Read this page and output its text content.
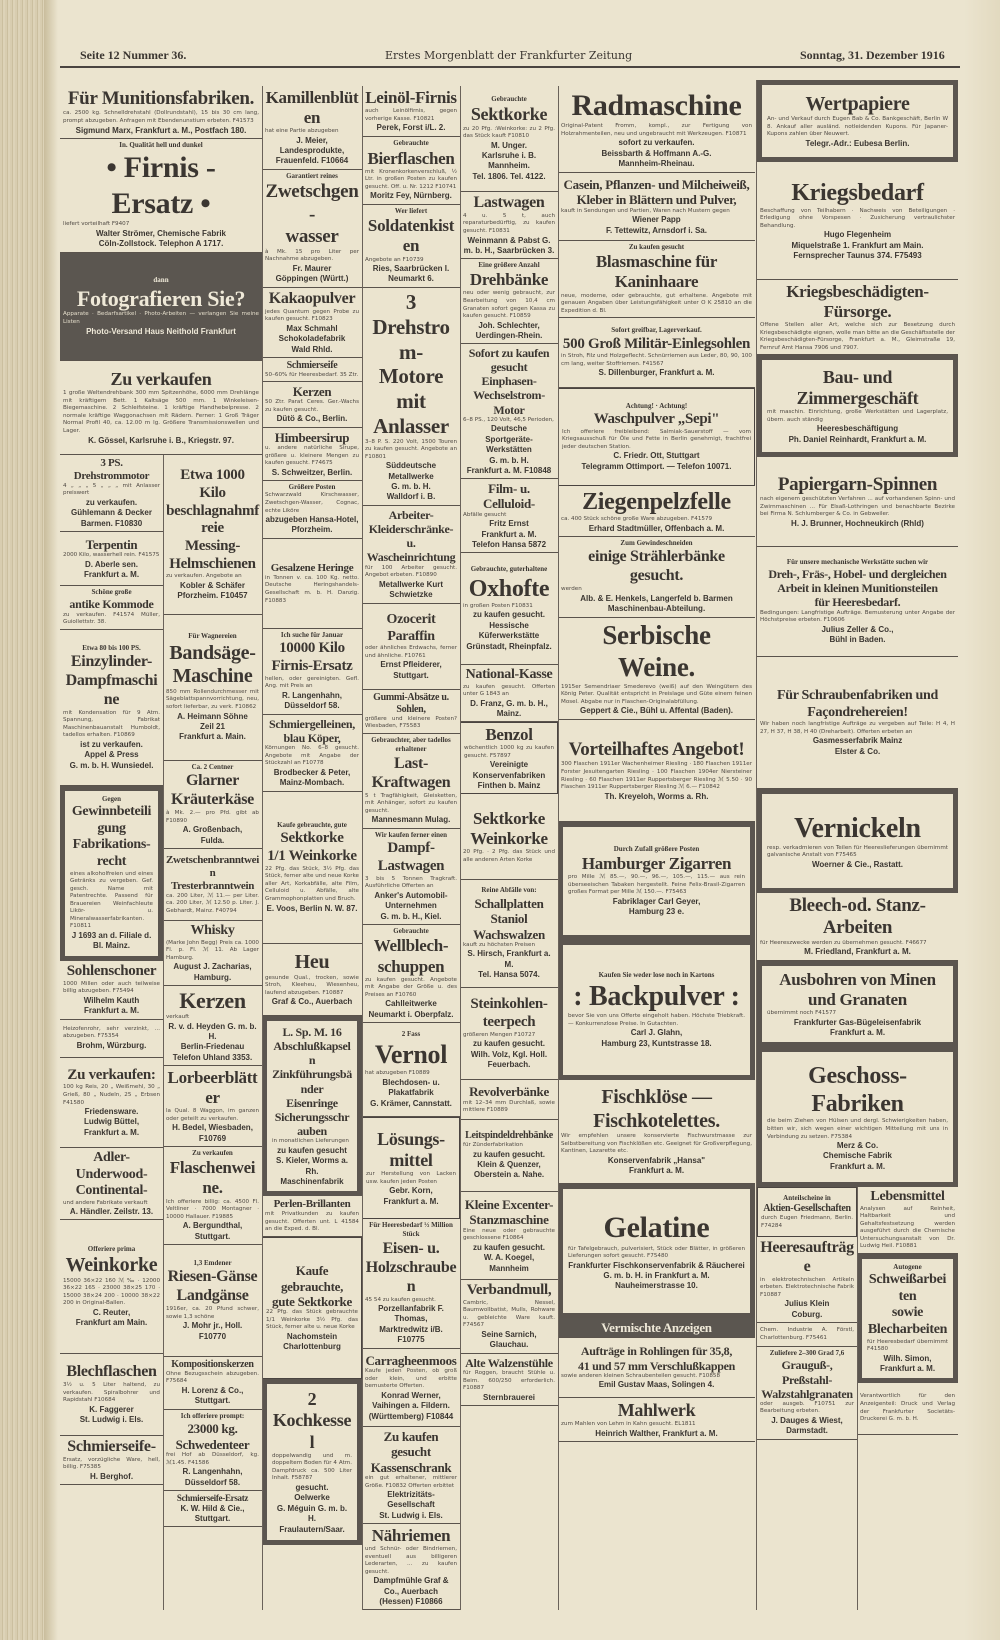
Seite 12 Nummer 36.	Erstes Morgenblatt der Frankfurter Zeitung	Sonntag, 31. Dezember 1916
Für Munitionsfabriken.
ca. 2500 kg. Schnelldrehstahl (Dollrundstahl), 15 bis 30 cm lang, prompt abzugeben. Anfragen mit Ebendenunstium erbeten. F41573
Sigmund Marx, Frankfurt a. M., Postfach 180.
In. Qualität hell und dunkel
• Firnis - Ersatz •
liefert vorteilhaft F9407
Walter Strömer, Chemische Fabrik
Cöln-Zollstock. Telephon A 1717.
dann
Fotografieren Sie?
Apparate · Bedarfsartikel · Photo-Arbeiten — verlangen Sie meine Listen
Photo-Versand Haus Neithold Frankfurt
Zu verkaufen
1 große Weltendrehbank 300 mm Spitzenhöhe, 6000 mm Drehlänge mit kräftigem Bett. 1 Kaltsäge 500 mm. 1 Winkeleisen-Biegemaschine. 2 Schleifsteine. 1 kräftige Handhebelpresse. 2 normale kräftige Waggonachsen mit Rädern. Ferner: 1 Groß Träger Normal Profil 40, ca. 12.00 m lg. Größere Transmissionswellen und Lager.
K. Gössel, Karlsruhe i. B., Kriegstr. 97.
3 PS. Drehstrommotor
4 „ „ „ 5 „ „ „ mit Anlasser preiswert
zu verkaufen.
Gühlemann & Decker Barmen. F10830
Terpentin
2000 Kilo, wasserhell rein. F41575
D. Aberle sen.
Frankfurt a. M.
Schöne große
antike Kommode
zu verkaufen. F41574 Müller, Guiollettstr. 38.
Etwa 80 bis 100 PS.
Einzylinder-
Dampfmaschine
mit Kondensation für 9 Atm. Spannung, Fabrikat Maschinenbauanstalt Humboldt, tadellos erhalten. F10869
ist zu verkaufen.
Appel & Press
G. m. b. H. Wunsiedel.
Gegen
Gewinnbeteiligung
Fabrikations-
recht
eines alkoholfreien und eines Getränks zu vergeben. Gef. gesch. Name mit Patentrechte. Passend für Brauereien Weinfachleute Likör- u. Mineralwasserfabrikanten. F10811
J 1693 an d. Filiale d. Bl. Mainz.
Sohlenschoner
1000 Millen oder auch teilweise billig abzugeben. F75494
Wilhelm Kauth
Frankfurt a. M.
Heizofenrohr, sehr verzinkt, ... abzugeben. F75354
Brohm, Würzburg.
Zu verkaufen:
100 kg Reis, 20 „ Weißmehl, 30 „ Grieß, 80 „ Nudeln, 25 „ Erbsen F41580
Friedensware.
Ludwig Büttel,
Frankfurt a. M.
Adler-
Underwood-
Continental-
und andere Fabrikate verkauft
A. Händler. Zeilstr. 13.
Offeriere prima
Weinkorke
15000 36×22 160 ℳ ‰ · 12000 36×22 165 · 23000 38×25 170 · 15000 38×24 200 · 10000 38×22 200 in Original-Ballen.
C. Reuter,
Frankfurt am Main.
Blechflaschen
3½ u. 5 Liter haltend, zu verkaufen. Spiralbohrer und Rapidstahl F10684
K. Faggerer
St. Ludwig i. Els.
Schmierseife-
Ersatz, vorzügliche Ware, hell, billig. F75385
H. Berghof.
Etwa 1000 Kilo
beschlagnahmfreie
Messing-
Helmschienen
zu verkaufen. Angebote an
Kobler & Schäfer
Pforzheim. F10457
Für Wagnereien
Bandsäge-
Maschine
850 mm Rollendurchmesser mit Sägeblattspannvorrichtung, neu, sofort lieferbar, zu verk. F10862
A. Heimann Söhne
Zeil 21
Frankfurt a. Main.
Ca. 2 Centner
Glarner
Kräuterkäse
à Mk. 2.— pro Pfd. gibt ab F10890
A. Großenbach,
Fulda.
Zwetschenbranntwein
Tresterbranntwein
ca. 200 Liter, ℳ 11.— per Liter. ca. 200 Liter, ℳ 12.50 p. Liter. J. Gebhardt, Mainz. F40794
Whisky
(Marke John Begg) Preis ca. 1000 Fl. p. Fl. ℳ 11. Ab Lager Hamburg.
August J. Zacharias, Hamburg.
Kerzen
verkauft
R. v. d. Heyden G. m. b. H.
Berlin-Friedenau
Telefon Uhland 3353.
Lorbeerblätter
la Qual. 8 Waggon, im ganzen oder geteilt zu verkaufen.
H. Bedel, Wiesbaden,
F10769
Zu verkaufen
Flaschenweine.
Ich offeriere billig: ca. 4500 Fl. Veltliner · 7000 Montagner · 10000 Hallauer. F19885
A. Bergundthal, Stuttgart.
1,3 Emdener
Riesen-Gänse
Landgänse
1916er, ca. 20 Pfund schwer, sowie 1,3 schöne
J. Mohr jr., Holl.
F10770
Kompositionskerzen
Ohne Bezugsschein abzugeben. F75684
H. Lorenz & Co., Stuttgart.
Ich offeriere prompt:
23000 kg.
Schwedenteer
frei Hof ab Düsseldorf, kg. ℳ1.45. F41586
R. Langenhahn, Düsseldorf 58.
Schmierseife-Ersatz
K. W. Hild & Cie., Stuttgart.
Kamillenblüten
hat eine Partie abzugeben
J. Meier, Landesprodukte,
Frauenfeld. F10664
Garantiert reines
Zwetschgen-
wasser
à Mk. 15 pro Liter per Nachnahme abzugeben.
Fr. Maurer
Göppingen (Württ.)
Kakaopulver
jedes Quantum gegen Probe zu kaufen gesucht. F10823
Max Schmahl
Schokoladefabrik
Wald Rhld.
Schmierseife
50–60% für Heeresbedarf. 35 Ztr.
Kerzen
50 Ztr. Paraf. Ceres. Ger.-Wachs zu kaufen gesucht.
Dütö & Co., Berlin.
Himbeersirup
u. andere natürliche Sirupe, größere u. kleinere Mengen zu kaufen gesucht. F74675
S. Schweitzer, Berlin.
Größere Posten
Schwarzwald Kirschwasser, Zwetschgen-Wasser, Cognac, echte Liköre
abzugeben Hansa-Hotel,
Pforzheim.
Gesalzene Heringe
in Tonnen v. ca. 100 Kg. netto. Deutsche Heringshandels-Gesellschaft m. b. H. Danzig. F10883
Ich suche für Januar
10000 Kilo
Firnis-Ersatz
hellen, oder gereinigten. Gefl. Ang. mit Preis an
R. Langenhahn, Düsseldorf 58.
Schmiergelleinen,
blau Köper,
Körnungen No. 6–8 gesucht. Angebote mit Angabe der Stückzahl an F10778
Brodbecker & Peter,
Mainz-Mombach.
Kaufe gebrauchte, gute
Sektkorke
1/1 Weinkorke
22 Pfg. das Stück, 3½ Pfg. das Stück, ferner alte und neue Korke aller Art, Korkabfälle, alte Film, Celluloid u. Abfälle, alte Grammophonplatten und Bruch.
E. Voos, Berlin N. W. 87.
Heu
gesunde Qual., trocken, sowie Stroh, Kleeheu, Wiesenheu, laufend abzugeben. F10887
Graf & Co., Auerbach
L. Sp. M. 16
Abschlußkapseln
Zinkführungsbänder
Eisenringe
Sicherungsschrauben
in monatlichen Lieferungen
zu kaufen gesucht
S. Kieler, Worms a. Rh.
Maschinenfabrik
Perlen-Brillanten
mit Privatkunden zu kaufen gesucht. Offerten unt. L 41584 an die Exped. d. Bl.
Kaufe gebrauchte,
gute Sektkorke
22 Pfg. das Stück gebrauchte 1/1 Weinkorke 3½ Pfg. das Stück, ferner alte u. neue Korke
Nachomstein
Charlottenburg
2
Kochkessel
doppelwandig und m. doppeltem Boden für 4 Atm. Dampfdruck ca. 500 Liter Inhalt. F58787
gesucht.
Oelwerke
G. Méguin G. m. b. H.
Fraulautern/Saar.
Leinöl-Firnis
auch Leinölfirnis, gegen vorherige Kasse. F10821
Perek, Forst i/L. 2.
Gebrauchte
Bierflaschen
mit Kronenkorkenverschluß, ½ Ltr. in großen Posten zu kaufen gesucht. Off. u. Nr. 1212 F10741
Moritz Fey, Nürnberg.
Wer liefert
Soldatenkisten
Angebote an F10739
Ries, Saarbrücken I.
Neumarkt 6.
3 Drehstrom-
Motore
mit Anlasser
3–8 P. S. 220 Volt, 1500 Touren zu kaufen gesucht. Angebote an F10801
Süddeutsche Metallwerke
G. m. b. H.
Walldorf i. B.
Arbeiter-
Kleiderschränke-u.
Wascheinrichtung
für 100 Arbeiter gesucht. Angebot erbeten. F10890
Metallwerke Kurt Schwietzke
Ozocerit
Paraffin
oder ähnliches Erdwachs, ferner und ähnliche. F10761
Ernst Pfleiderer,
Stuttgart.
Gummi-Absätze u. Sohlen,
größere und kleinere Posten? Wiesbaden, F75583
Gebrauchter, aber tadellos erhaltener
Last-Kraftwagen
5 t Tragfähigkeit, Gleisketten, mit Anhänger, sofort zu kaufen gesucht.
Mannesmann Mulag.
Wir kaufen ferner einen
Dampf-Lastwagen
3 bis 5 Tonnen Tragkraft. Ausführliche Offerten an
Anker's Automobil-
Unternehmen
G. m. b. H., Kiel.
Gebrauchte
Wellblech-
schuppen
zu kaufen gesucht. Angebote mit Angabe der Größe u. des Preises an F10760
Cahlleitwerke
Neumarkt i. Oberpfalz.
2 Fass
Vernol
hat abzugeben F10889
Blechdosen- u. Plakatfabrik
G. Krämer, Cannstatt.
Lösungs-
mittel
zur Herstellung von Lacken usw. kaufen jeden Posten
Gebr. Korn,
Frankfurt a. M.
Für Heeresbedarf ½ Million Stück
Eisen- u.
Holzschrauben
45 54 zu kaufen gesucht.
Porzellanfabrik F. Thomas,
Marktredwitz i/B.
F10775
Carragheenmoos
Kaufe jeden Posten, ob groß oder klein, und erbitte bemusterte Offerten.
Konrad Werner,
Vaihingen a. Fildern.
(Württemberg) F10844
Zu kaufen gesucht
Kassenschrank
ein gut erhaltener, mittlerer Größe. F10832 Offerten erbittet
Elektrizitäts-Gesellschaft
St. Ludwig i. Els.
Nähriemen
und Schnür- oder Bindriemen, eventuell aus billigeren Lederarten, ... zu kaufen gesucht.
Dampfmühle Graf & Co., Auerbach
(Hessen) F10866
Gebrauchte
Sektkorke
zu 20 Pfg. :Weinkorke: zu 2 Pfg. das Stück kauft F10810
M. Unger.
Karlsruhe i. B. Mannheim.
Tel. 1806. Tel. 4122.
Lastwagen
4 u. 5 t, auch reparaturbedürftig, zu kaufen gesucht. F10831
Weinmann & Pabst G. m. b. H., Saarbrücken 3.
Eine größere Anzahl
Drehbänke
neu oder wenig gebraucht, zur Bearbeitung von 10,4 cm Granaten sofort gegen Kassa zu kaufen gesucht. F10859
Joh. Schlechter,
Uerdingen-Rhein.
Sofort zu kaufen gesucht
Einphasen-
Wechselstrom-Motor
6–8 PS., 120 Volt, 46,5 Perioden,
Deutsche
Sportgeräte-Werkstätten
G. m. b. H.
Frankfurt a. M. F10848
Film- u. Celluloid-
Abfälle gesucht
Fritz Ernst
Frankfurt a. M.
Telefon Hansa 5872
Gebrauchte, guterhaltene
Oxhofte
in großen Posten F10831
zu kaufen gesucht.
Hessische Küferwerkstätte
Grünstadt, Rheinpfalz.
National-Kasse
zu kaufen gesucht. Offerten unter G 1843 an
D. Franz, G. m. b. H., Mainz.
Benzol
wöchentlich 1000 kg zu kaufen gesucht. F57897
Vereinigte
Konservenfabriken
Finthen b. Mainz
Sektkorke
Weinkorke
20 Pfg. · 2 Pfg. das Stück und alle anderen Arten Korke
Reine Abfälle von:
Schallplatten
Staniol
Wachswalzen
kauft zu höchsten Preisen
S. Hirsch, Frankfurt a. M.
Tel. Hansa 5074.
Steinkohlen-
teerpech
größeren Mengen F10727
zu kaufen gesucht.
Wilh. Volz, Kgl. Holl.
Feuerbach.
Revolverbänke
mit 12–34 mm Durchlaß, sowie mittlere F10889
Leitspindeldrehbänke
für Zünderfabrikation
zu kaufen gesucht.
Klein & Quenzer,
Oberstein a. Nahe.
Kleine Excenter-
Stanzmaschine
Eine neue oder gebrauchte geschlossene F10864
zu kaufen gesucht.
W. A. Koegel, Mannheim
Verbandmull,
Cambric, Nessel, Baumwollbatist, Mulls, Rohware u. gebleichte Ware kauft. F74567
Seine Sarnich, Glauchau.
Alte Walzenstühle
für Roggen, braucht Stühle u. Beim. 600/250 erforderlich. F10887
Sternbrauerei
Radmaschine
Original-Patent Fromm, kompl., zur Fertigung von Holzrahmenteilen, neu und ungebraucht mit Werkzeugen. F10871
sofort zu verkaufen.
Beissbarth & Hoffmann A.-G.
Mannheim-Rheinau.
Casein, Pflanzen- und Milcheiweiß,
Kleber in Blättern und Pulver,
kauft in Sendungen und Partien, Waren nach Mustern gegen
Wiener Papp
F. Tettewitz, Arnsdorf i. Sa.
Zu kaufen gesucht
Blasmaschine für Kaninhaare
neue, moderne, oder gebrauchte, gut erhaltene. Angebote mit genauen Angaben über Leistungsfähigkeit unter O K 25810 an die Expedition d. Bl.
Sofort greifbar, Lagerverkauf.
500 Groß Militär-Einlegsohlen
in Stroh, Filz und Holzgeflecht. Schnürriemen aus Leder, 80, 90, 100 cm lang, weiter Stoffriemen. F41567
S. Dillenburger, Frankfurt a. M.
Achtung! · Achtung!
Waschpulver „Sepi"
Ich offeriere freibleibend: Salmiak-Sauerstoff — vom Kriegsausschuß für Öle und Fette in Berlin genehmigt, frachtfrei jeder deutschen Station.
C. Friedr. Ott, Stuttgart
Telegramm Ottimport. — Telefon 10071.
Ziegenpelzfelle
ca. 400 Stück schöne große Ware abzugeben. F41579
Erhard Stadtmüller, Offenbach a. M.
Zum Gewindeschneiden
einige Strählerbänke gesucht.
werden
Alb. & E. Henkels, Langerfeld b. Barmen
Maschinenbau-Abteilung.
Serbische Weine.
1915er Semendriaer Smederevo (weiß) auf den Weingütern des König Peter. Qualität entspricht in Preislage und Güte einem feinen Mosel. Abgabe nur in Flaschen-Originalabfüllung.
Geppert & Cie., Bühl u. Affental (Baden).
Vorteilhaftes Angebot!
300 Flaschen 1911er Wachenheimer Riesling · 180 Flaschen 1911er Forster Jesuitengarten Riesling · 100 Flaschen 1904er Niersteiner Riesling · 60 Flaschen 1911er Ruppertsberger Riesling ℳ 5.50 · 90 Flaschen 1911er Ruppertsberger Riesling ℳ 6.— F10842
Th. Kreyeloh, Worms a. Rh.
Durch Zufall größere Posten
Hamburger Zigarren
pro Mille ℳ 85.—, 90.—, 96.—, 105.—, 115.— aus rein überseeischen Tabaken hergestellt. Feine Felix-Brasil-Zigarren großes Format per Mille ℳ 150.—. F75463
Fabriklager Carl Geyer,
Hamburg 23 e.
Kaufen Sie weder lose noch in Kartons
: Backpulver :
bevor Sie von uns Offerte eingeholt haben. Höchste Triebkraft. — Konkurrenzlose Preise. In Gutachten.
Carl J. Glahn,
Hamburg 23, Kuntstrasse 18.
Fischklöse —
Fischkotelettes.
Wir empfehlen unsere konservierte Fischwurstmasse zur Selbstbereitung von Fischklößen etc. Geeignet für Großverpflegung, Kantinen, Lazarette etc.
Konservenfabrik „Hansa"
Frankfurt a. M.
Gelatine
für Tafelgebrauch, pulverisiert, Stück oder Blätter, in größeren Lieferungen sofort gesucht. F75480
Frankfurter Fischkonservenfabrik & Räucherei
G. m. b. H. in Frankfurt a. M.
Nauheimerstrasse 10.
Vermischte Anzeigen
Aufträge in Rohlingen für 35,8,
41 und 57 mm Verschlußkappen
sowie anderen kleinen Schraubenteilen gesucht. F10858
Emil Gustav Maas, Solingen 4.
Mahlwerk
zum Mahlen von Lehm in Kahn gesucht. EL1811
Heinrich Walther, Frankfurt a. M.
Wertpapiere
An- und Verkauf durch Eugen Bab & Co. Bankgeschäft, Berlin W 8. Ankauf aller ausländ. notleidenden Kupons. Für Japaner-Kupons zahlen über Neuwert.
Telegr.-Adr.: Eubesa Berlin.
Kriegsbedarf
Beschaffung von Teilhabern · Nachweis von Beteiligungen · Erledigung ohne Vorspesen · Zusicherung vertraulichster Behandlung.
Hugo Flegenheim
Miquelstraße 1. Frankfurt am Main.
Fernsprecher Taunus 374. F75493
Kriegsbeschädigten-Fürsorge.
Offene Stellen aller Art, welche sich zur Besetzung durch Kriegsbeschädigte eignen, wolle man bitte an die Geschäftsstelle der Kriegsbeschädigten-Fürsorge, Frankfurt a. M., Gleimstraße 19, Fernruf Amt Hansa 7906 und 7907.
Bau- und Zimmergeschäft
mit maschin. Einrichtung, große Werkstätten und Lagerplatz, übern. auch ständig
Heeresbeschäftigung
Ph. Daniel Reinhardt, Frankfurt a. M.
Papiergarn-Spinnen
nach eigenem geschützten Verfahren ... auf vorhandenen Spinn- und Zwirnmaschinen ... Für Elsaß-Lothringen und benachbarte Bezirke bei Firma N. Schlumberger & Co. in Gebweiler.
H. J. Brunner, Hochneukirch (Rhld)
Für unsere mechanische Werkstätte suchen wir
Dreh-, Fräs-, Hobel- und dergleichen
Arbeit in kleinen Munitionsteilen
für Heeresbedarf.
Bedingungen: Langfristige Aufträge. Bemusterung unter Angabe der Höchstpreise erbeten. F10606
Julius Zeller & Co.,
Bühl in Baden.
Für Schraubenfabriken und
Façondrehereien!
Wir haben noch langfristige Aufträge zu vergeben auf Teile: H 4, H 27, H 37, H 38, H 40 (Dreharbeit). Offerten erbeten an
Gasmesserfabrik Mainz
Elster & Co.
Vernickeln
resp. verkadmieren von Teilen für Heereslieferungen übernimmt galvanische Anstalt von F75465
Woerner & Cie., Rastatt.
Bleech-od. Stanz-Arbeiten
für Heereszwecke werden zu übernehmen gesucht. F46677
M. Friedland, Frankfurt a. M.
Ausbohren von Minen
und Granaten
übernimmt noch F41577
Frankfurter Gas-Bügeleisenfabrik
Frankfurt a. M.
Geschoss-Fabriken
die beim Ziehen von Hülsen und dergl. Schwierigkeiten haben, bitten wir, sich wegen einer wichtigen Mitteilung mit uns in Verbindung zu setzen. F75384
Merz & Co.
Chemische Fabrik
Frankfurt a. M.
Anteilscheine in
Aktien-Gesellschaften
durch Eugen Friedmann, Berlin. F74284
Heeresaufträge
in elektrotechnischen Artikeln erbeten. Elektrotechnische Fabrik F10887
Julius Klein
Coburg.
Chem. Industrie A. Förstl, Charlottenburg. F75461
Zuliefere 2–300 Grad 7,6
Grauguß-, Preßstahl-
Walzstahlgranaten
oder ausgeb. F10751 zur Bearbeitung erbeten.
J. Dauges & Wiest,
Darmstadt.
Lebensmittel
Analysen auf Reinheit, Haltbarkeit und Gehaltsfestsetzung werden ausgeführt durch die Chemische Untersuchungsanstalt von Dr. Ludwig Heil. F10881
Autogene
Schweißarbeiten
sowie
Blecharbeiten
für Heeresbedarf übernimmt F41580
Wilh. Simon,
Frankfurt a. M.
Verantwortlich für den Anzeigenteil: Druck und Verlag der Frankfurter Societäts-Druckerei G. m. b. H.
